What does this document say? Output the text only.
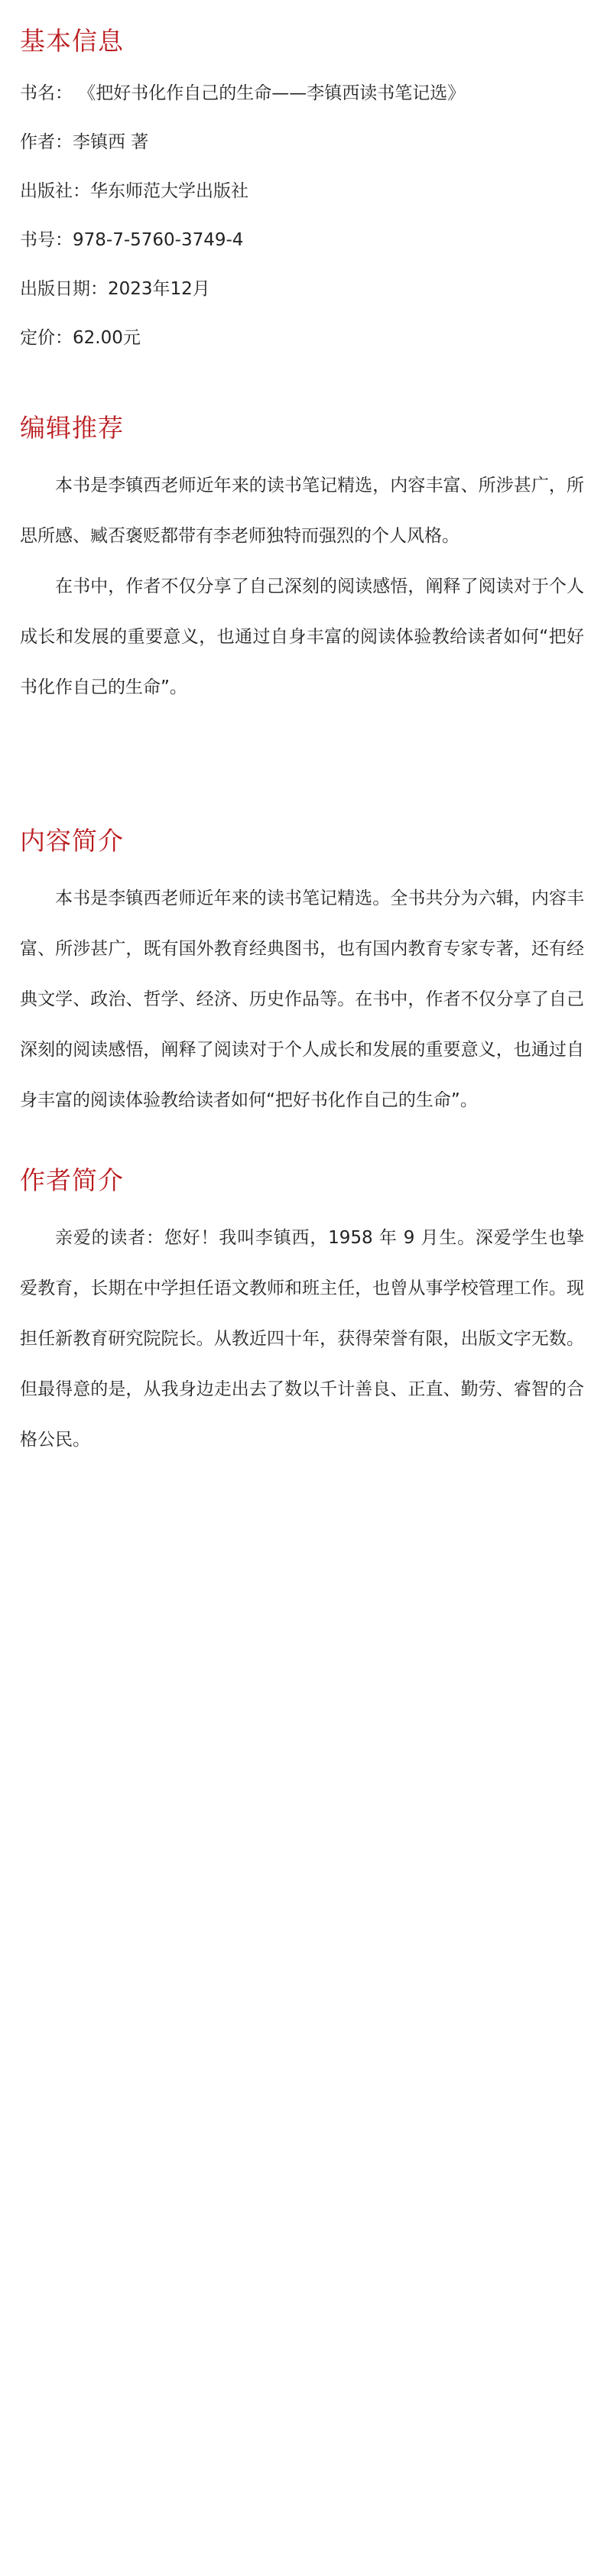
基本信息

书名： 《把好书化作自己的生命——李镇西读书笔记选》

作者：李镇西 著

出版社：华东师范大学出版社

书号：978-7-5760-3749-4

出版日期：2023年12月

定价：62.00元

编辑推荐

本书是李镇西老师近年来的读书笔记精选，内容丰富、所涉甚广，所思所感、臧否褒贬都带有李老师独特而强烈的个人风格。

在书中，作者不仅分享了自己深刻的阅读感悟，阐释了阅读对于个人成长和发展的重要意义，也通过自身丰富的阅读体验教给读者如何“把好书化作自己的生命”。

内容简介

本书是李镇西老师近年来的读书笔记精选。全书共分为六辑，内容丰富、所涉甚广，既有国外教育经典图书，也有国内教育专家专著，还有经典文学、政治、哲学、经济、历史作品等。在书中，作者不仅分享了自己深刻的阅读感悟，阐释了阅读对于个人成长和发展的重要意义，也通过自身丰富的阅读体验教给读者如何“把好书化作自己的生命”。

作者简介

亲爱的读者：您好！我叫李镇西，1958 年 9 月生。深爱学生也挚爱教育，长期在中学担任语文教师和班主任，也曾从事学校管理工作。现担任新教育研究院院长。从教近四十年，获得荣誉有限，出版文字无数。但最得意的是，从我身边走出去了数以千计善良、正直、勤劳、睿智的合格公民。
